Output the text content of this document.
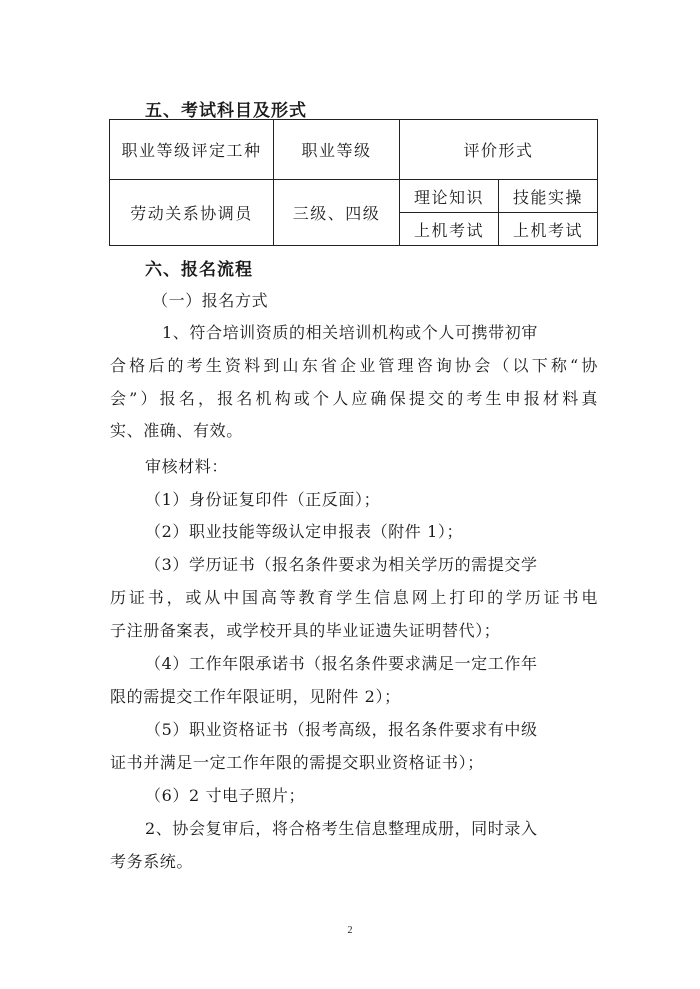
五、考试科目及形式
职业等级评定工种	职业等级	评价形式	
劳动关系协调员	三级、四级	理论知识	技能实操
		上机考试	上机考试
六、报名流程
（一）报名方式
1、符合培训资质的相关培训机构或个人可携带初审
合格后的考生资料到山东省企业管理咨询协会（以下称“协
会”）报名，报名机构或个人应确保提交的考生申报材料真
实、准确、有效。
审核材料：
（1）身份证复印件（正反面）；
（2）职业技能等级认定申报表（附件 1）；
（3）学历证书（报名条件要求为相关学历的需提交学
历证书，或从中国高等教育学生信息网上打印的学历证书电
子注册备案表，或学校开具的毕业证遗失证明替代）；
（4）工作年限承诺书（报名条件要求满足一定工作年
限的需提交工作年限证明，见附件 2）；
（5）职业资格证书（报考高级，报名条件要求有中级
证书并满足一定工作年限的需提交职业资格证书）；
（6）2 寸电子照片；
2、协会复审后，将合格考生信息整理成册，同时录入
考务系统。
2
